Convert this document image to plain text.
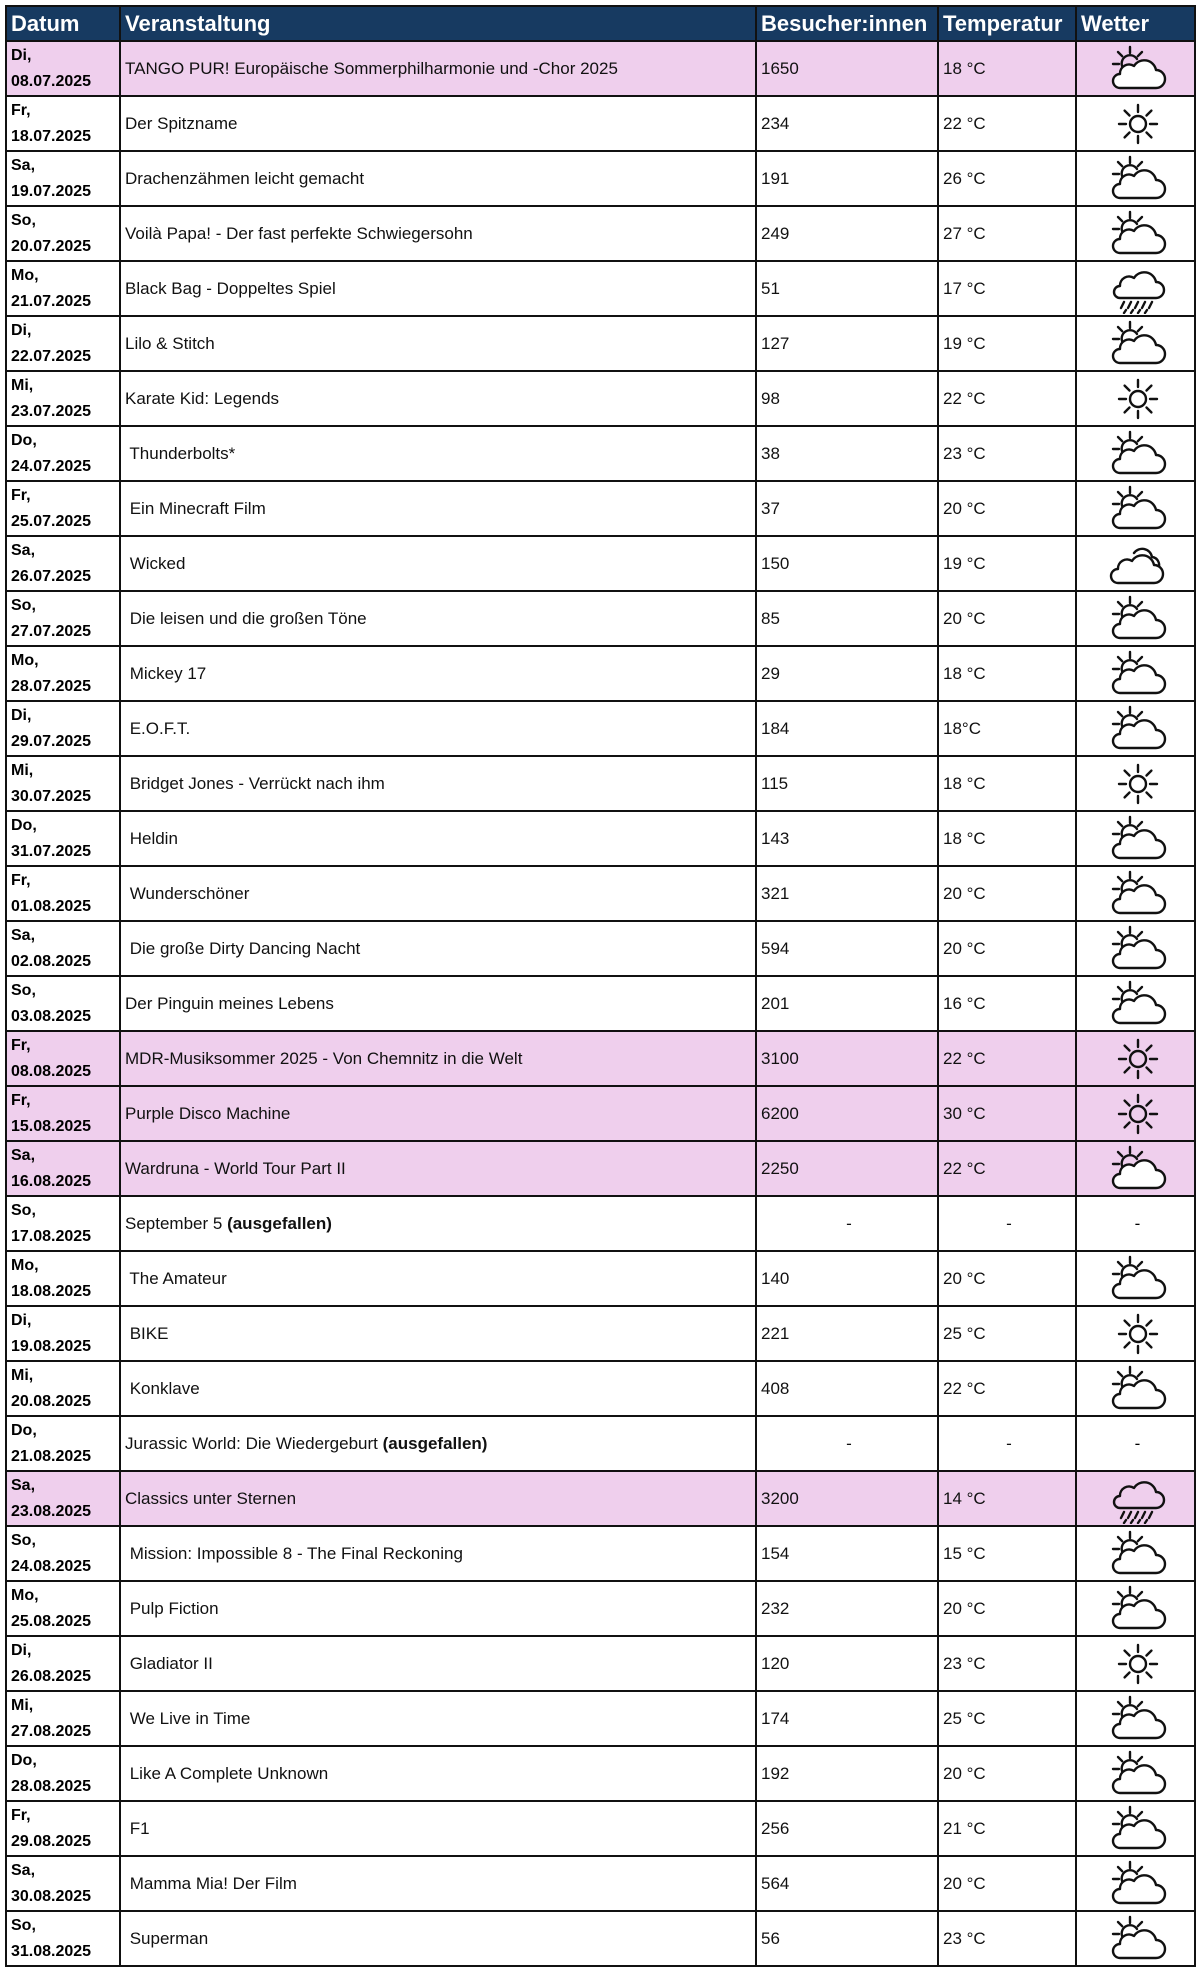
Datum	Veranstaltung	Besucher:innen	Temperatur	Wetter

Di,
08.07.2025	TANGO PUR! Europäische Sommerphilharmonie und -Chor 2025	1650	18 °C	

Fr,
18.07.2025	Der Spitzname	234	22 °C	

Sa,
19.07.2025	Drachenzähmen leicht gemacht	191	26 °C	

So,
20.07.2025	Voilà Papa! - Der fast perfekte Schwiegersohn	249	27 °C	

Mo,
21.07.2025	Black Bag - Doppeltes Spiel	51	17 °C	

Di,
22.07.2025	Lilo & Stitch	127	19 °C	

Mi,
23.07.2025	Karate Kid: Legends	98	22 °C	

Do,
24.07.2025	Thunderbolts*	38	23 °C	

Fr,
25.07.2025	Ein Minecraft Film	37	20 °C	

Sa,
26.07.2025	Wicked	150	19 °C	

So,
27.07.2025	Die leisen und die großen Töne	85	20 °C	

Mo,
28.07.2025	Mickey 17	29	18 °C	

Di,
29.07.2025	E.O.F.T.	184	18°C	

Mi,
30.07.2025	Bridget Jones - Verrückt nach ihm	115	18 °C	

Do,
31.07.2025	Heldin	143	18 °C	

Fr,
01.08.2025	Wunderschöner	321	20 °C	

Sa,
02.08.2025	Die große Dirty Dancing Nacht	594	20 °C	

So,
03.08.2025	Der Pinguin meines Lebens	201	16 °C	

Fr,
08.08.2025	MDR-Musiksommer 2025 - Von Chemnitz in die Welt	3100	22 °C	

Fr,
15.08.2025	Purple Disco Machine	6200	30 °C	

Sa,
16.08.2025	Wardruna - World Tour Part II	2250	22 °C	

So,
17.08.2025	September 5 (ausgefallen)	-	-	-

Mo,
18.08.2025	The Amateur	140	20 °C	

Di,
19.08.2025	BIKE	221	25 °C	

Mi,
20.08.2025	Konklave	408	22 °C	

Do,
21.08.2025	Jurassic World: Die Wiedergeburt (ausgefallen)	-	-	-

Sa,
23.08.2025	Classics unter Sternen	3200	14 °C	

So,
24.08.2025	Mission: Impossible 8 - The Final Reckoning	154	15 °C	

Mo,
25.08.2025	Pulp Fiction	232	20 °C	

Di,
26.08.2025	Gladiator II	120	23 °C	

Mi,
27.08.2025	We Live in Time	174	25 °C	

Do,
28.08.2025	Like A Complete Unknown	192	20 °C	

Fr,
29.08.2025	F1	256	21 °C	

Sa,
30.08.2025	Mamma Mia! Der Film	564	20 °C	

So,
31.08.2025	Superman	56	23 °C	
